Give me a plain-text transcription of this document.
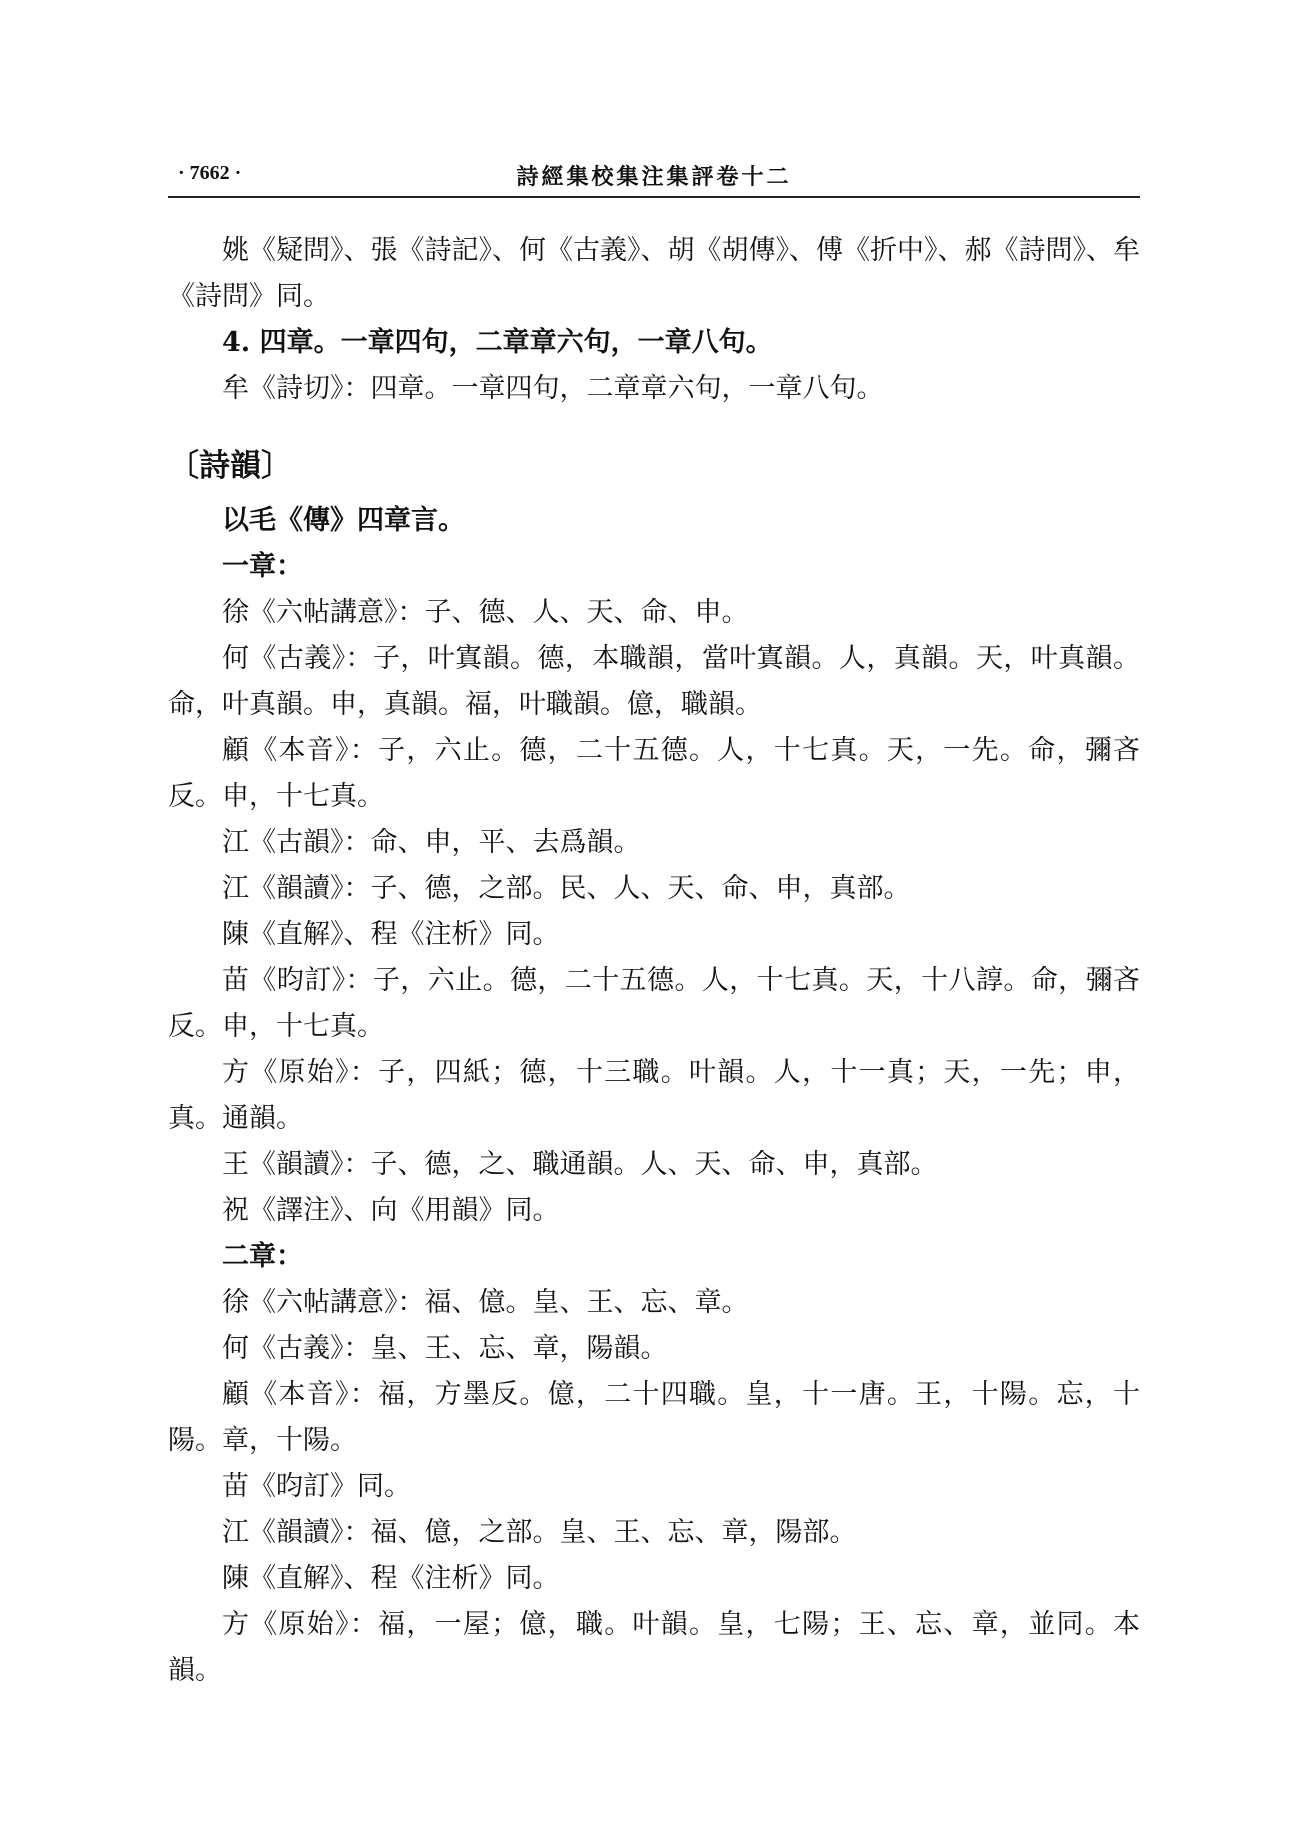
· 7662 ·	詩經集校集注集評卷十二

姚《疑問》、張《詩記》、何《古義》、胡《胡傳》、傅《折中》、郝《詩問》、牟《詩問》同。

4. 四章。一章四句，二章章六句，一章八句。

牟《詩切》：四章。一章四句，二章章六句，一章八句。

〔詩韻〕

以毛《傳》四章言。

一章：

徐《六帖講意》：子、德、人、天、命、申。

何《古義》：子，叶寘韻。德，本職韻，當叶寘韻。人，真韻。天，叶真韻。命，叶真韻。申，真韻。福，叶職韻。億，職韻。

顧《本音》：子，六止。德，二十五德。人，十七真。天，一先。命，彌吝反。申，十七真。

江《古韻》：命、申，平、去爲韻。

江《韻讀》：子、德，之部。民、人、天、命、申，真部。

陳《直解》、程《注析》同。

苗《昀訂》：子，六止。德，二十五德。人，十七真。天，十八諄。命，彌吝反。申，十七真。

方《原始》：子，四紙；德，十三職。叶韻。人，十一真；天，一先；申，真。通韻。

王《韻讀》：子、德，之、職通韻。人、天、命、申，真部。

祝《譯注》、向《用韻》同。

二章：

徐《六帖講意》：福、億。皇、王、忘、章。

何《古義》：皇、王、忘、章，陽韻。

顧《本音》：福，方墨反。億，二十四職。皇，十一唐。王，十陽。忘，十陽。章，十陽。

苗《昀訂》同。

江《韻讀》：福、億，之部。皇、王、忘、章，陽部。

陳《直解》、程《注析》同。

方《原始》：福，一屋；億，職。叶韻。皇，七陽；王、忘、章，並同。本韻。
